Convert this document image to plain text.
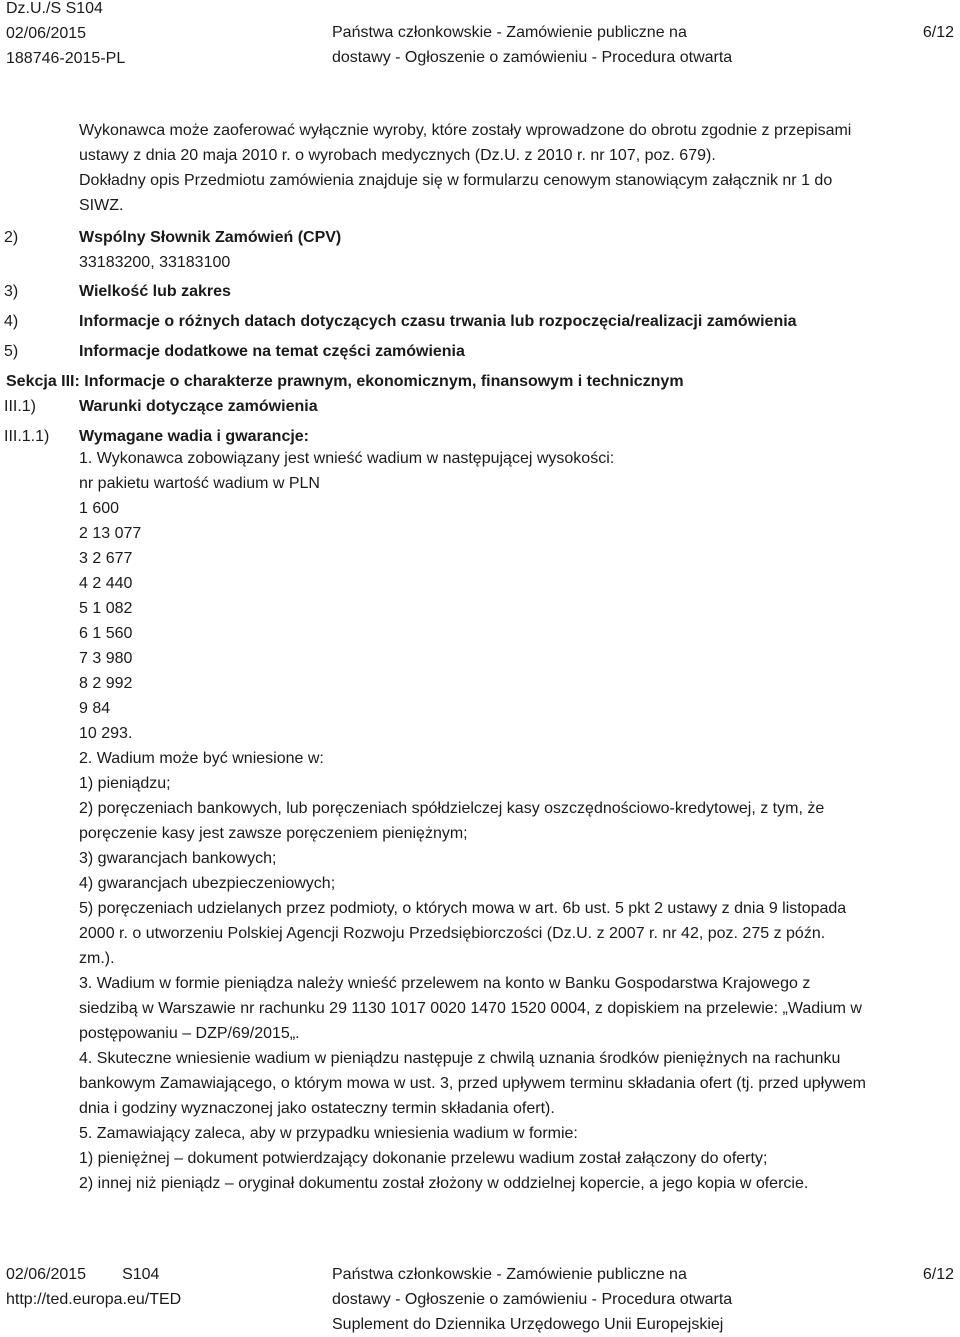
Dz.U./S S104
02/06/2015
188746-2015-PL
Państwa członkowskie - Zamówienie publiczne na
dostawy - Ogłoszenie o zamówieniu - Procedura otwarta
6/12
Wykonawca może zaoferować wyłącznie wyroby, które zostały wprowadzone do obrotu zgodnie z przepisami
ustawy z dnia 20 maja 2010 r. o wyrobach medycznych (Dz.U. z 2010 r. nr 107, poz. 679).
Dokładny opis Przedmiotu zamówienia znajduje się w formularzu cenowym stanowiącym załącznik nr 1 do
SIWZ.
2)	Wspólny Słownik Zamówień (CPV)
33183200, 33183100
3)	Wielkość lub zakres
4)	Informacje o różnych datach dotyczących czasu trwania lub rozpoczęcia/realizacji zamówienia
5)	Informacje dodatkowe na temat części zamówienia
Sekcja III: Informacje o charakterze prawnym, ekonomicznym, finansowym i technicznym
III.1)	Warunki dotyczące zamówienia
III.1.1) Wymagane wadia i gwarancje:
1. Wykonawca zobowiązany jest wnieść wadium w następującej wysokości:
nr pakietu wartość wadium w PLN
1 600
2 13 077
3 2 677
4 2 440
5 1 082
6 1 560
7 3 980
8 2 992
9 84
10 293.
2. Wadium może być wniesione w:
1) pieniądzu;
2) poręczeniach bankowych, lub poręczeniach spółdzielczej kasy oszczędnościowo-kredytowej, z tym, że
poręczenie kasy jest zawsze poręczeniem pieniężnym;
3) gwarancjach bankowych;
4) gwarancjach ubezpieczeniowych;
5) poręczeniach udzielanych przez podmioty, o których mowa w art. 6b ust. 5 pkt 2 ustawy z dnia 9 listopada
2000 r. o utworzeniu Polskiej Agencji Rozwoju Przedsiębiorczości (Dz.U. z 2007 r. nr 42, poz. 275 z późn.
zm.).
3. Wadium w formie pieniądza należy wnieść przelewem na konto w Banku Gospodarstwa Krajowego z
siedzibą w Warszawie nr rachunku 29 1130 1017 0020 1470 1520 0004, z dopiskiem na przelewie: „Wadium w
postępowaniu – DZP/69/2015„.
4. Skuteczne wniesienie wadium w pieniądzu następuje z chwilą uznania środków pieniężnych na rachunku
bankowym Zamawiającego, o którym mowa w ust. 3, przed upływem terminu składania ofert (tj. przed upływem
dnia i godziny wyznaczonej jako ostateczny termin składania ofert).
5. Zamawiający zaleca, aby w przypadku wniesienia wadium w formie:
1) pieniężnej – dokument potwierdzający dokonanie przelewu wadium został załączony do oferty;
2) innej niż pieniądz – oryginał dokumentu został złożony w oddzielnej kopercie, a jego kopia w ofercie.
02/06/2015 S104
http://ted.europa.eu/TED
Państwa członkowskie - Zamówienie publiczne na
dostawy - Ogłoszenie o zamówieniu - Procedura otwarta
Suplement do Dziennika Urzędowego Unii Europejskiej
6/12
